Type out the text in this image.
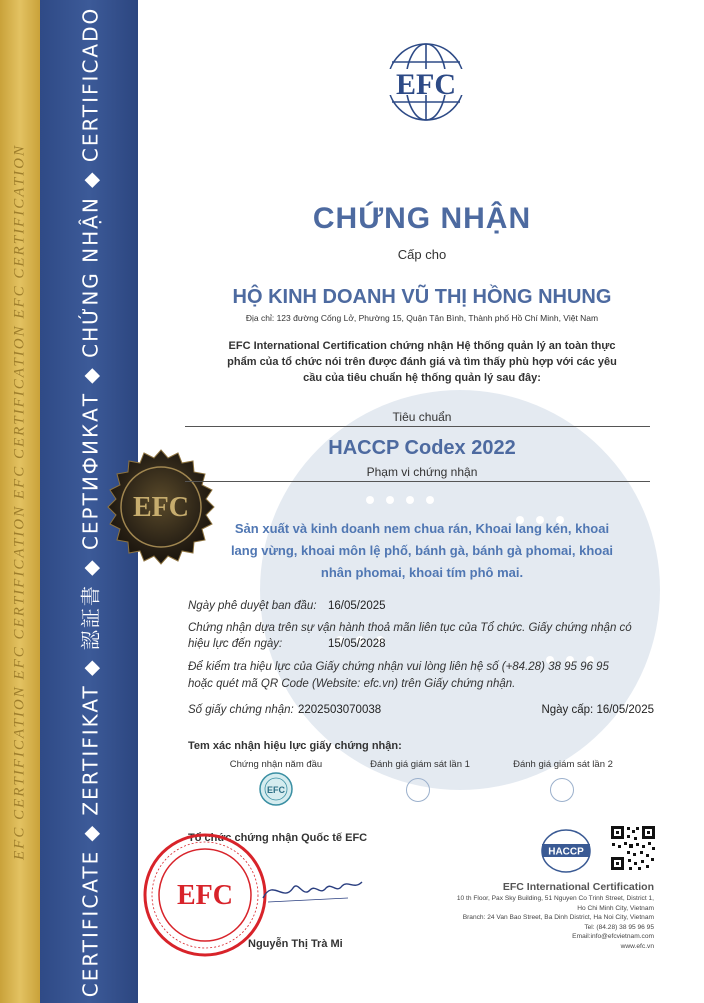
EFC CERTIFICATION EFC CERTIFICATION EFC CERTIFICATION EFC CERTIFICATION	CERTIFICATE ◆ ZERTIFIKAT ◆ 認証書 ◆ СЕРТИФИКАТ ◆ CHỨNG NHẬN ◆ CERTIFICADO EFC
EFC
CHỨNG NHẬN
Cấp cho
HỘ KINH DOANH VŨ THỊ HỒNG NHUNG
Địa chỉ: 123 đường Cống Lở, Phường 15, Quận Tân Bình, Thành phố Hồ Chí Minh, Việt Nam
EFC International Certification chứng nhận Hệ thống quản lý an toàn thực phẩm của tổ chức nói trên được đánh giá và tìm thấy phù hợp với các yêu cầu của tiêu chuẩn hệ thống quản lý sau đây:
Tiêu chuẩn
HACCP Codex 2022
Phạm vi chứng nhận
Sản xuất và kinh doanh nem chua rán, Khoai lang kén, khoai lang vừng, khoai môn lệ phố, bánh gà, bánh gà phomai, khoai nhân phomai, khoai tím phô mai.
Ngày phê duyệt ban đầu: 16/05/2025
Chứng nhận dựa trên sự vận hành thoả mãn liên tục của Tổ chức. Giấy chứng nhận có
hiệu lực đến ngày:	15/05/2028
Để kiểm tra hiệu lực của Giấy chứng nhận vui lòng liên hệ số (+84.28) 38 95 96 95
hoặc quét mã QR Code (Website: efc.vn) trên Giấy chứng nhận.
Số giấy chứng nhận: 2202503070038	Ngày cấp: 16/05/2025
Tem xác nhận hiệu lực giấy chứng nhận:
Chứng nhận năm đầu	Đánh giá giám sát lần 1	Đánh giá giám sát lần 2
EFC
Tổ chức chứng nhận Quốc tế EFC
EFC
Nguyễn Thị Trà Mi
HACCP
EFC International Certification
10 th Floor, Pax Sky Building, 51 Nguyen Co Trinh Street, District 1,
Ho Chi Minh City, Vietnam
Branch: 24 Van Bao Street, Ba Dinh District, Ha Noi City, Vietnam
Tel: (84.28) 38 95 96 95
Email:info@efcvietnam.com
www.efc.vn
